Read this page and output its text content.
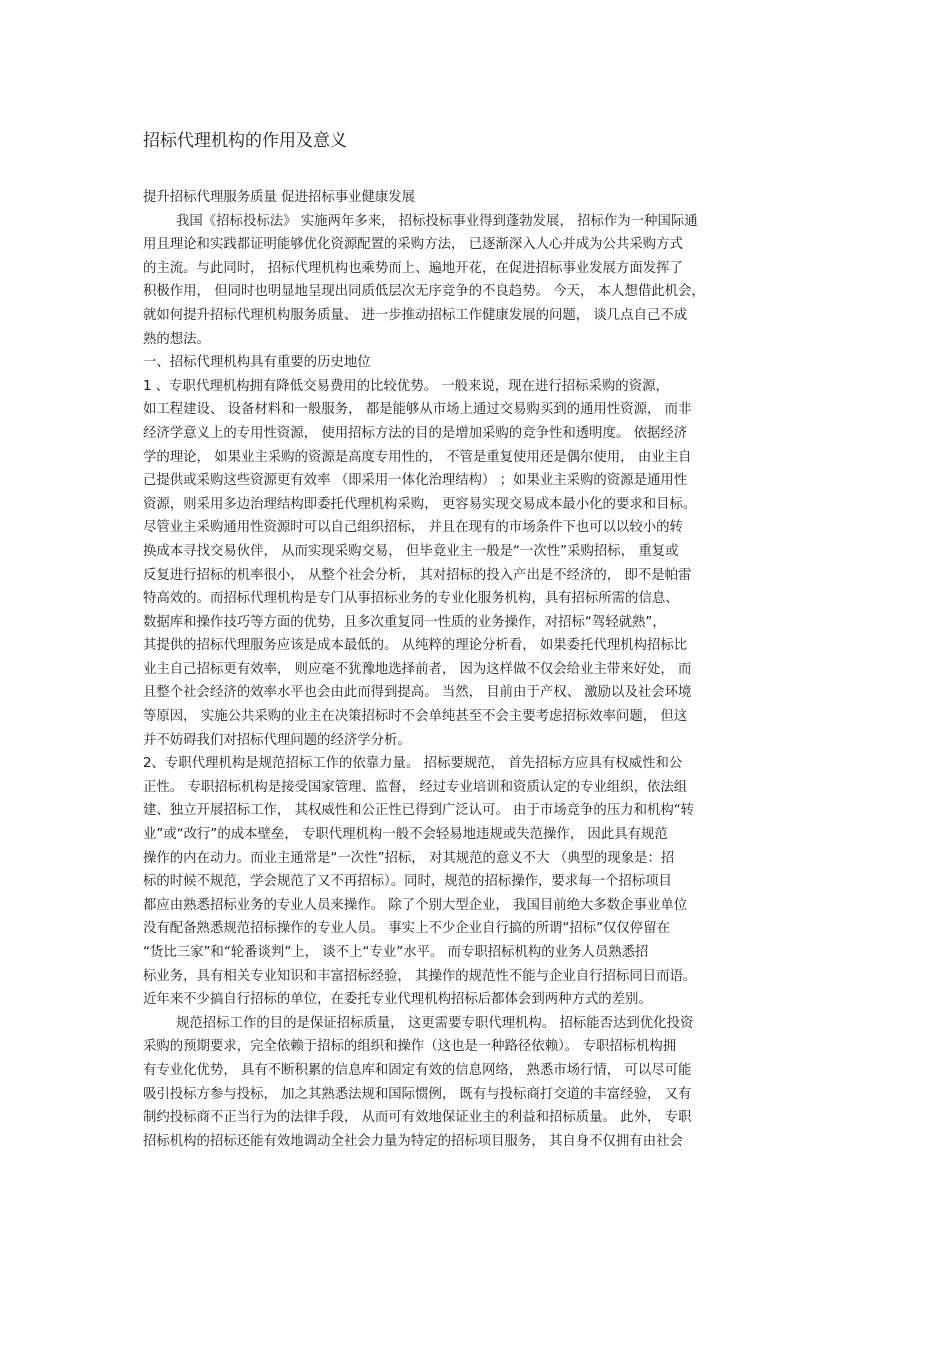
招标代理机构的作用及意义
提升招标代理服务质量 促进招标事业健康发展
我国《招标投标法》 实施两年多来， 招标投标事业得到蓬勃发展， 招标作为一种国际通
用且理论和实践都证明能够优化资源配置的采购方法， 已逐渐深入人心并成为公共采购方式
的主流。与此同时， 招标代理机构也乘势而上、遍地开花，在促进招标事业发展方面发挥了
积极作用， 但同时也明显地呈现出同质低层次无序竞争的不良趋势。 今天， 本人想借此机会，
就如何提升招标代理机构服务质量、 进一步推动招标工作健康发展的问题， 谈几点自己不成
熟的想法。
一、招标代理机构具有重要的历史地位
1 、专职代理机构拥有降低交易费用的比较优势。 一般来说，现在进行招标采购的资源，
如工程建设、 设备材料和一般服务， 都是能够从市场上通过交易购买到的通用性资源， 而非
经济学意义上的专用性资源， 使用招标方法的目的是增加采购的竞争性和透明度。 依据经济
学的理论， 如果业主采购的资源是高度专用性的， 不管是重复使用还是偶尔使用， 由业主自
己提供或采购这些资源更有效率 （即采用一体化治理结构） ；如果业主采购的资源是通用性
资源，则采用多边治理结构即委托代理机构采购， 更容易实现交易成本最小化的要求和目标。
尽管业主采购通用性资源时可以自己组织招标， 并且在现有的市场条件下也可以以较小的转
换成本寻找交易伙伴， 从而实现采购交易， 但毕竟业主一般是“一次性”采购招标， 重复或
反复进行招标的机率很小， 从整个社会分析， 其对招标的投入产出是不经济的， 即不是帕雷
特高效的。而招标代理机构是专门从事招标业务的专业化服务机构，具有招标所需的信息、
数据库和操作技巧等方面的优势，且多次重复同一性质的业务操作，对招标“驾轻就熟”，
其提供的招标代理服务应该是成本最低的。 从纯粹的理论分析看， 如果委托代理机构招标比
业主自己招标更有效率， 则应毫不犹豫地选择前者， 因为这样做不仅会给业主带来好处， 而
且整个社会经济的效率水平也会由此而得到提高。 当然， 目前由于产权、 激励以及社会环境
等原因， 实施公共采购的业主在决策招标时不会单纯甚至不会主要考虑招标效率问题， 但这
并不妨碍我们对招标代理问题的经济学分析。
2、专职代理机构是规范招标工作的依靠力量。 招标要规范， 首先招标方应具有权威性和公
正性。 专职招标机构是接受国家管理、监督， 经过专业培训和资质认定的专业组织，依法组
建、独立开展招标工作， 其权威性和公正性已得到广泛认可。 由于市场竞争的压力和机构“转
业”或“改行”的成本壁垒， 专职代理机构一般不会轻易地违规或失范操作， 因此具有规范
操作的内在动力。而业主通常是“一次性”招标， 对其规范的意义不大 （典型的现象是：招
标的时候不规范，学会规范了又不再招标）。同时，规范的招标操作，要求每一个招标项目
都应由熟悉招标业务的专业人员来操作。 除了个别大型企业， 我国目前绝大多数企事业单位
没有配备熟悉规范招标操作的专业人员。 事实上不少企业自行搞的所谓“招标”仅仅停留在
“货比三家”和“轮番谈判”上， 谈不上“专业”水平。 而专职招标机构的业务人员熟悉招
标业务，具有相关专业知识和丰富招标经验， 其操作的规范性不能与企业自行招标同日而语。
近年来不少搞自行招标的单位，在委托专业代理机构招标后都体会到两种方式的差别。
规范招标工作的目的是保证招标质量， 这更需要专职代理机构。 招标能否达到优化投资
采购的预期要求，完全依赖于招标的组织和操作（这也是一种路径依赖）。 专职招标机构拥
有专业化优势， 具有不断积累的信息库和固定有效的信息网络， 熟悉市场行情， 可以尽可能
吸引投标方参与投标， 加之其熟悉法规和国际惯例， 既有与投标商打交道的丰富经验， 又有
制约投标商不正当行为的法律手段， 从而可有效地保证业主的利益和招标质量。 此外， 专职
招标机构的招标还能有效地调动全社会力量为特定的招标项目服务， 其自身不仅拥有由社会
